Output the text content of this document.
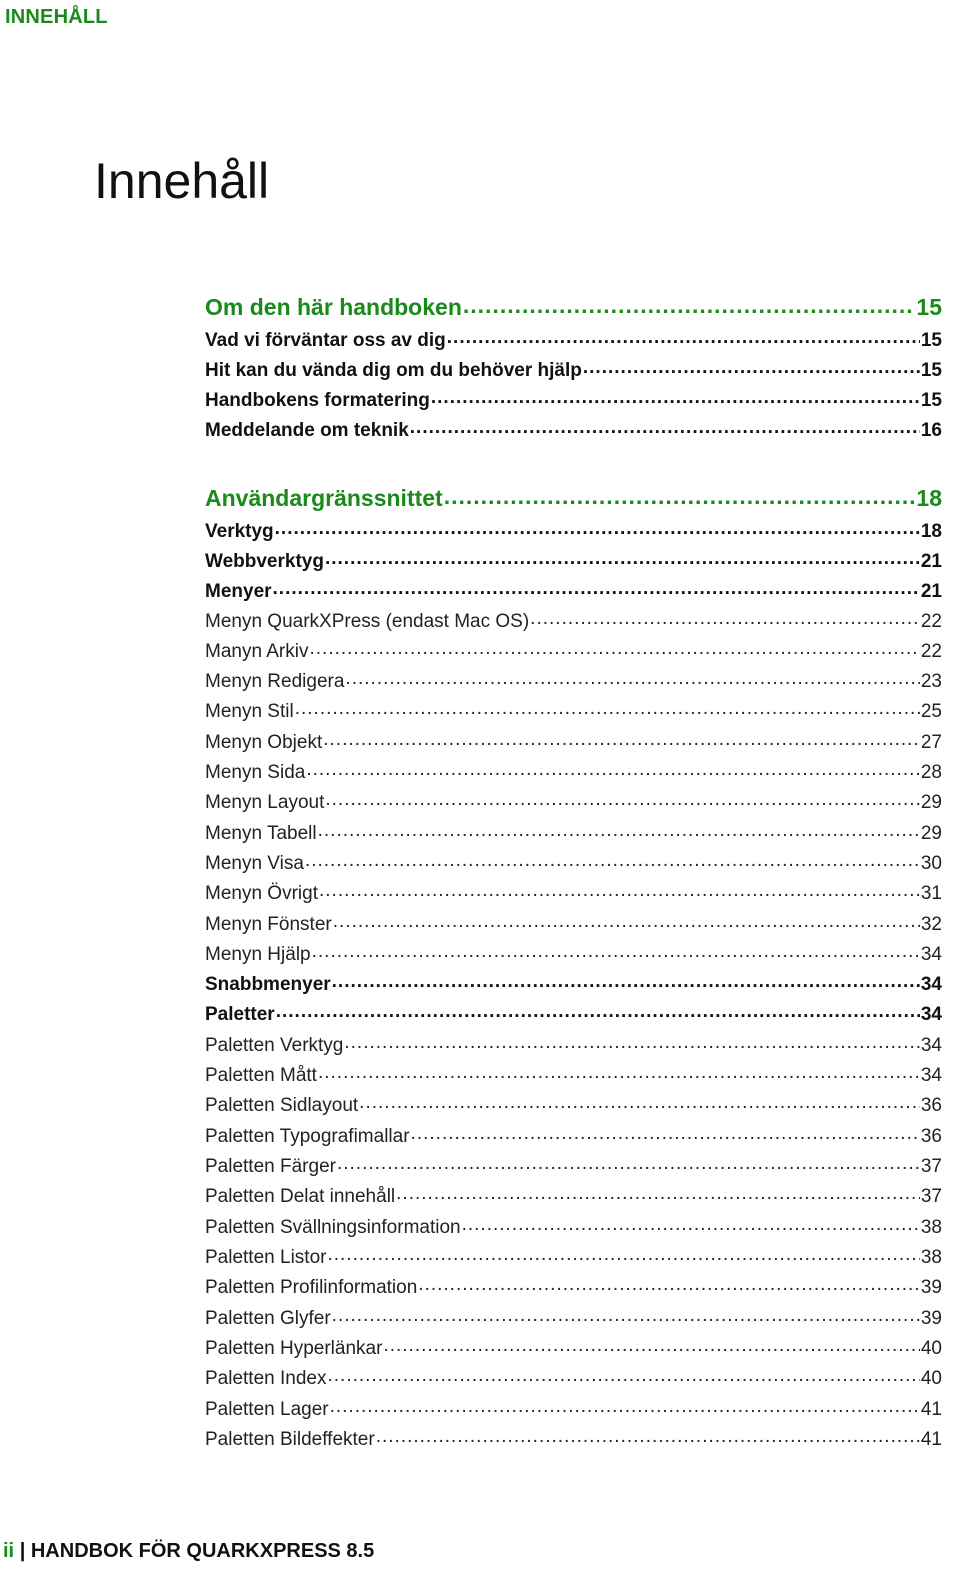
INNEHÅLL
Innehåll
Om den här handboken .....	15
Vad vi förväntar oss av dig .....	15
Hit kan du vända dig om du behöver hjälp .....	15
Handbokens formatering .....	15
Meddelande om teknik .....	16
Användargränssnittet .....	18
Verktyg .....	18
Webbverktyg .....	21
Menyer .....	21
Menyn QuarkXPress (endast Mac OS) .....	22
Manyn Arkiv .....	22
Menyn Redigera .....	23
Menyn Stil .....	25
Menyn Objekt .....	27
Menyn Sida .....	28
Menyn Layout .....	29
Menyn Tabell .....	29
Menyn Visa .....	30
Menyn Övrigt .....	31
Menyn Fönster .....	32
Menyn Hjälp .....	34
Snabbmenyer .....	34
Paletter .....	34
Paletten Verktyg .....	34
Paletten Mått .....	34
Paletten Sidlayout .....	36
Paletten Typografimallar .....	36
Paletten Färger .....	37
Paletten Delat innehåll .....	37
Paletten Svällningsinformation .....	38
Paletten Listor .....	38
Paletten Profilinformation .....	39
Paletten Glyfer .....	39
Paletten Hyperlänkar .....	40
Paletten Index .....	40
Paletten Lager .....	41
Paletten Bildeffekter .....	41
ii | HANDBOK FÖR QUARKXPRESS 8.5
